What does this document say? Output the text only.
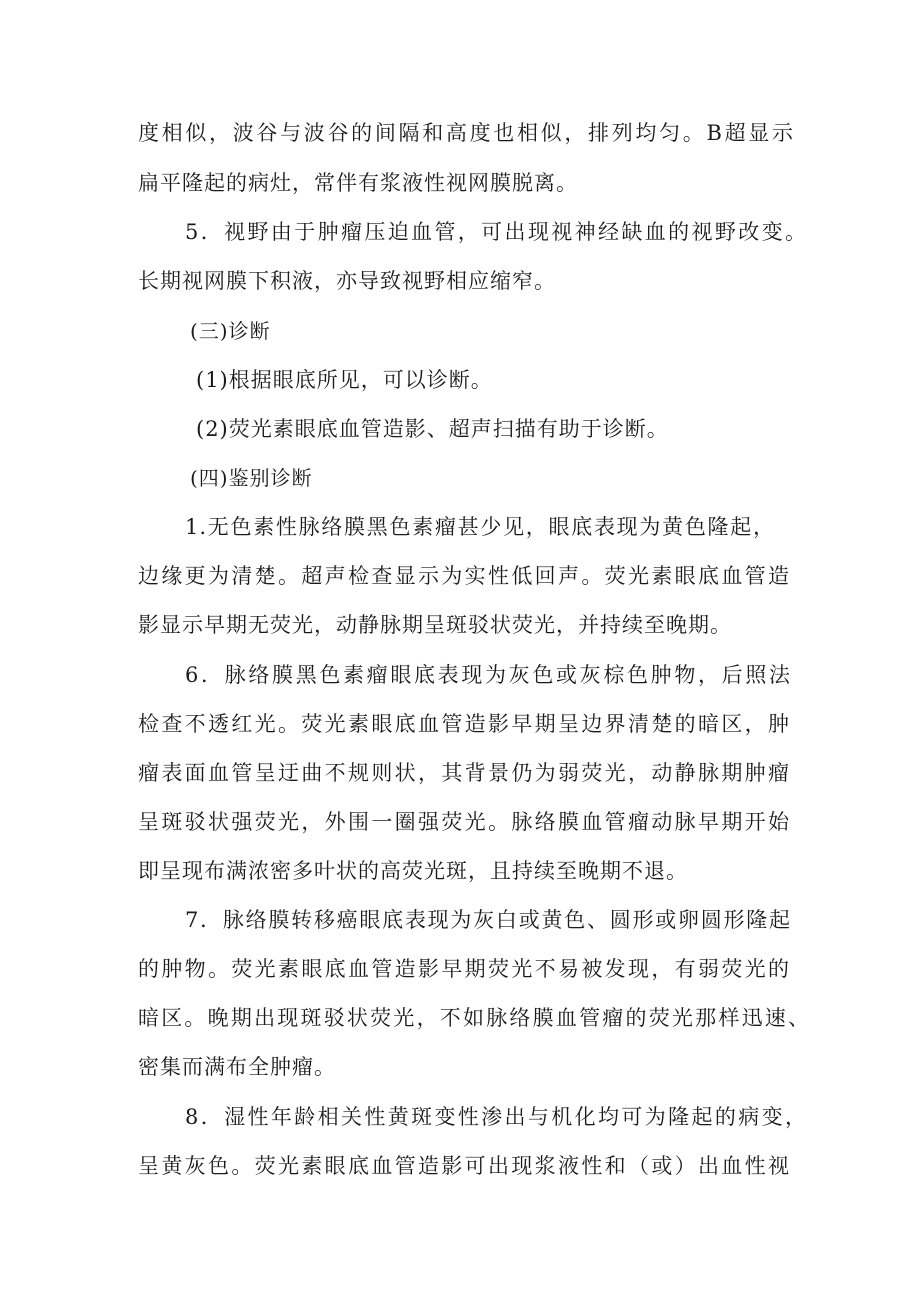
度相似，波谷与波谷的间隔和高度也相似，排列均匀。B超显示
扁平隆起的病灶，常伴有浆液性视网膜脱离。
5．视野由于肿瘤压迫血管，可出现视神经缺血的视野改变。
长期视网膜下积液，亦导致视野相应缩窄。
(三)诊断
(1)根据眼底所见，可以诊断。
(2)荧光素眼底血管造影、超声扫描有助于诊断。
(四)鉴别诊断
1.无色素性脉络膜黑色素瘤甚少见，眼底表现为黄色隆起，
边缘更为清楚。超声检查显示为实性低回声。荧光素眼底血管造
影显示早期无荧光，动静脉期呈斑驳状荧光，并持续至晚期。
6．脉络膜黑色素瘤眼底表现为灰色或灰棕色肿物，后照法
检查不透红光。荧光素眼底血管造影早期呈边界清楚的暗区，肿
瘤表面血管呈迂曲不规则状，其背景仍为弱荧光，动静脉期肿瘤
呈斑驳状强荧光，外围一圈强荧光。脉络膜血管瘤动脉早期开始
即呈现布满浓密多叶状的高荧光斑，且持续至晚期不退。
7．脉络膜转移癌眼底表现为灰白或黄色、圆形或卵圆形隆起
的肿物。荧光素眼底血管造影早期荧光不易被发现，有弱荧光的
暗区。晚期出现斑驳状荧光，不如脉络膜血管瘤的荧光那样迅速、
密集而满布全肿瘤。
8．湿性年龄相关性黄斑变性渗出与机化均可为隆起的病变，
呈黄灰色。荧光素眼底血管造影可出现浆液性和（或）出血性视
